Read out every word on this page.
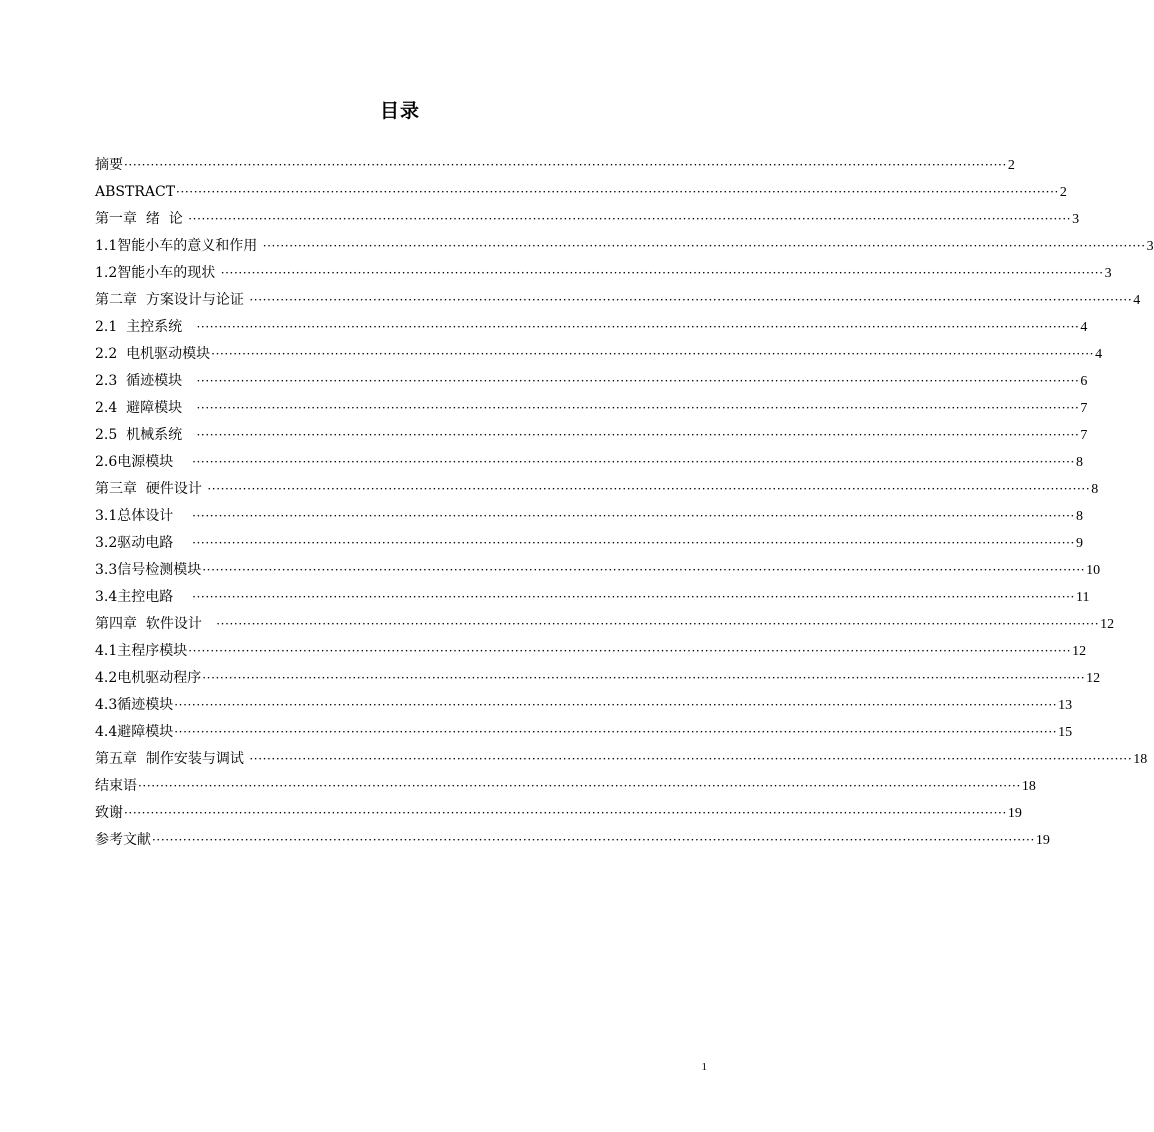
目录
摘要 ········································································································································································································ 2
ABSTRACT ········································································································································································································ 2
第一章  绪  论 ········································································································································································································ 3
1.1智能小车的意义和作用 ········································································································································································································ 3
1.2智能小车的现状 ········································································································································································································ 3
第二章  方案设计与论证 ········································································································································································································ 4
2.1  主控系统 ········································································································································································································ 4
2.2  电机驱动模块 ········································································································································································································ 4
2.3  循迹模块 ········································································································································································································ 6
2.4  避障模块 ········································································································································································································ 7
2.5  机械系统 ········································································································································································································ 7
2.6电源模块 ········································································································································································································ 8
第三章  硬件设计 ········································································································································································································ 8
3.1总体设计 ········································································································································································································ 8
3.2驱动电路 ········································································································································································································ 9
3.3信号检测模块 ········································································································································································································ 10
3.4主控电路 ········································································································································································································ 11
第四章  软件设计 ········································································································································································································ 12
4.1主程序模块 ········································································································································································································ 12
4.2电机驱动程序 ········································································································································································································ 12
4.3循迹模块 ········································································································································································································ 13
4.4避障模块 ········································································································································································································ 15
第五章  制作安装与调试 ········································································································································································································ 18
结束语 ········································································································································································································ 18
致谢 ········································································································································································································ 19
参考文献 ········································································································································································································ 19
1
